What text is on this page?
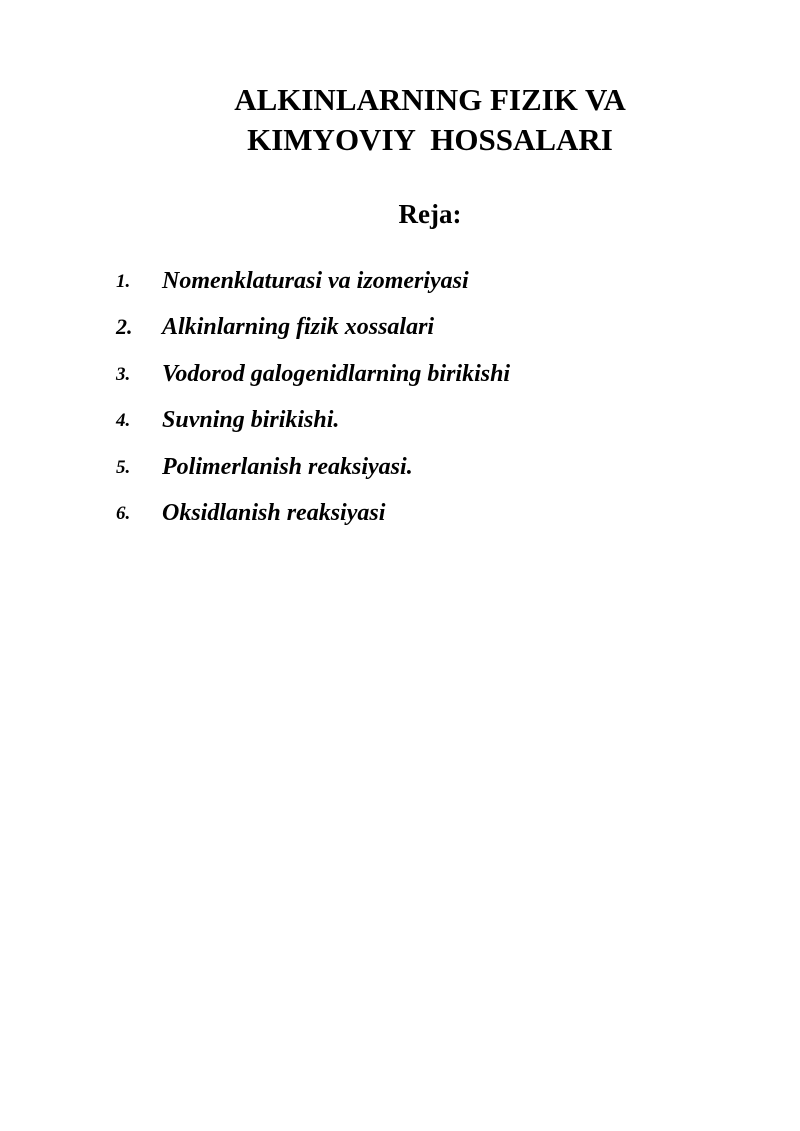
ALKINLARNING FIZIK VA
KIMYOVIY  HOSSALARI
Reja:
1. Nomenklaturasi va izomeriyasi
2. Alkinlarning fizik xossalari
3. Vodorod galogenidlarning birikishi
4. Suvning birikishi.
5. Polimerlanish reaksiyasi.
6. Oksidlanish reaksiyasi
